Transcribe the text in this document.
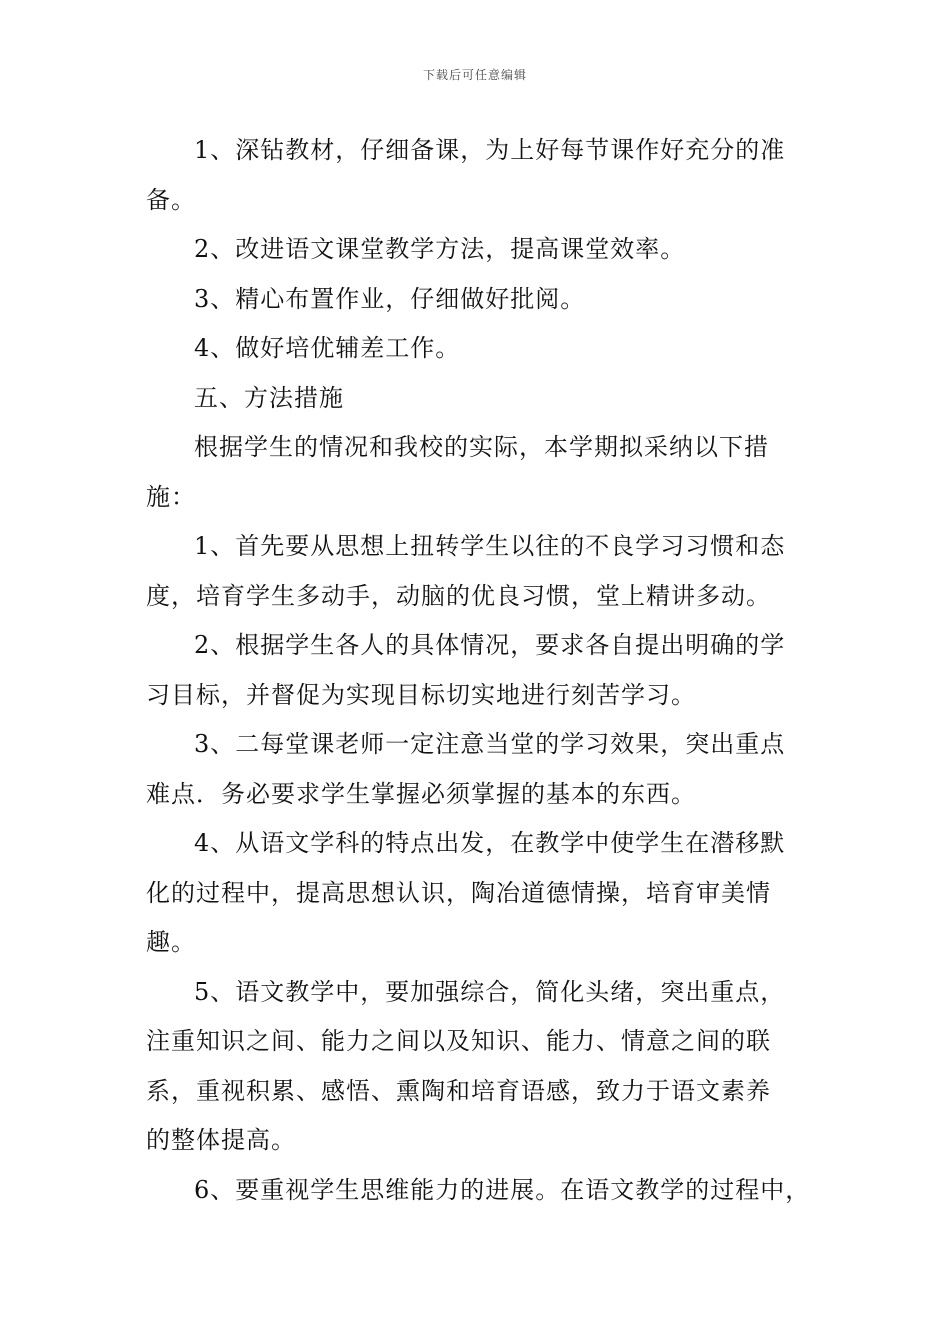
下载后可任意编辑

1、深钻教材，仔细备课，为上好每节课作好充分的准

备。

2、改进语文课堂教学方法，提高课堂效率。

3、精心布置作业，仔细做好批阅。

4、做好培优辅差工作。

五、方法措施

根据学生的情况和我校的实际，本学期拟采纳以下措

施：

1、首先要从思想上扭转学生以往的不良学习习惯和态

度，培育学生多动手，动脑的优良习惯，堂上精讲多动。

2、根据学生各人的具体情况，要求各自提出明确的学

习目标，并督促为实现目标切实地进行刻苦学习。

3、二每堂课老师一定注意当堂的学习效果，突出重点

难点．务必要求学生掌握必须掌握的基本的东西。

4、从语文学科的特点出发，在教学中使学生在潜移默

化的过程中，提高思想认识，陶冶道德情操，培育审美情

趣。

5、语文教学中，要加强综合，简化头绪，突出重点，

注重知识之间、能力之间以及知识、能力、情意之间的联

系，重视积累、感悟、熏陶和培育语感，致力于语文素养

的整体提高。

6、要重视学生思维能力的进展。在语文教学的过程中，
